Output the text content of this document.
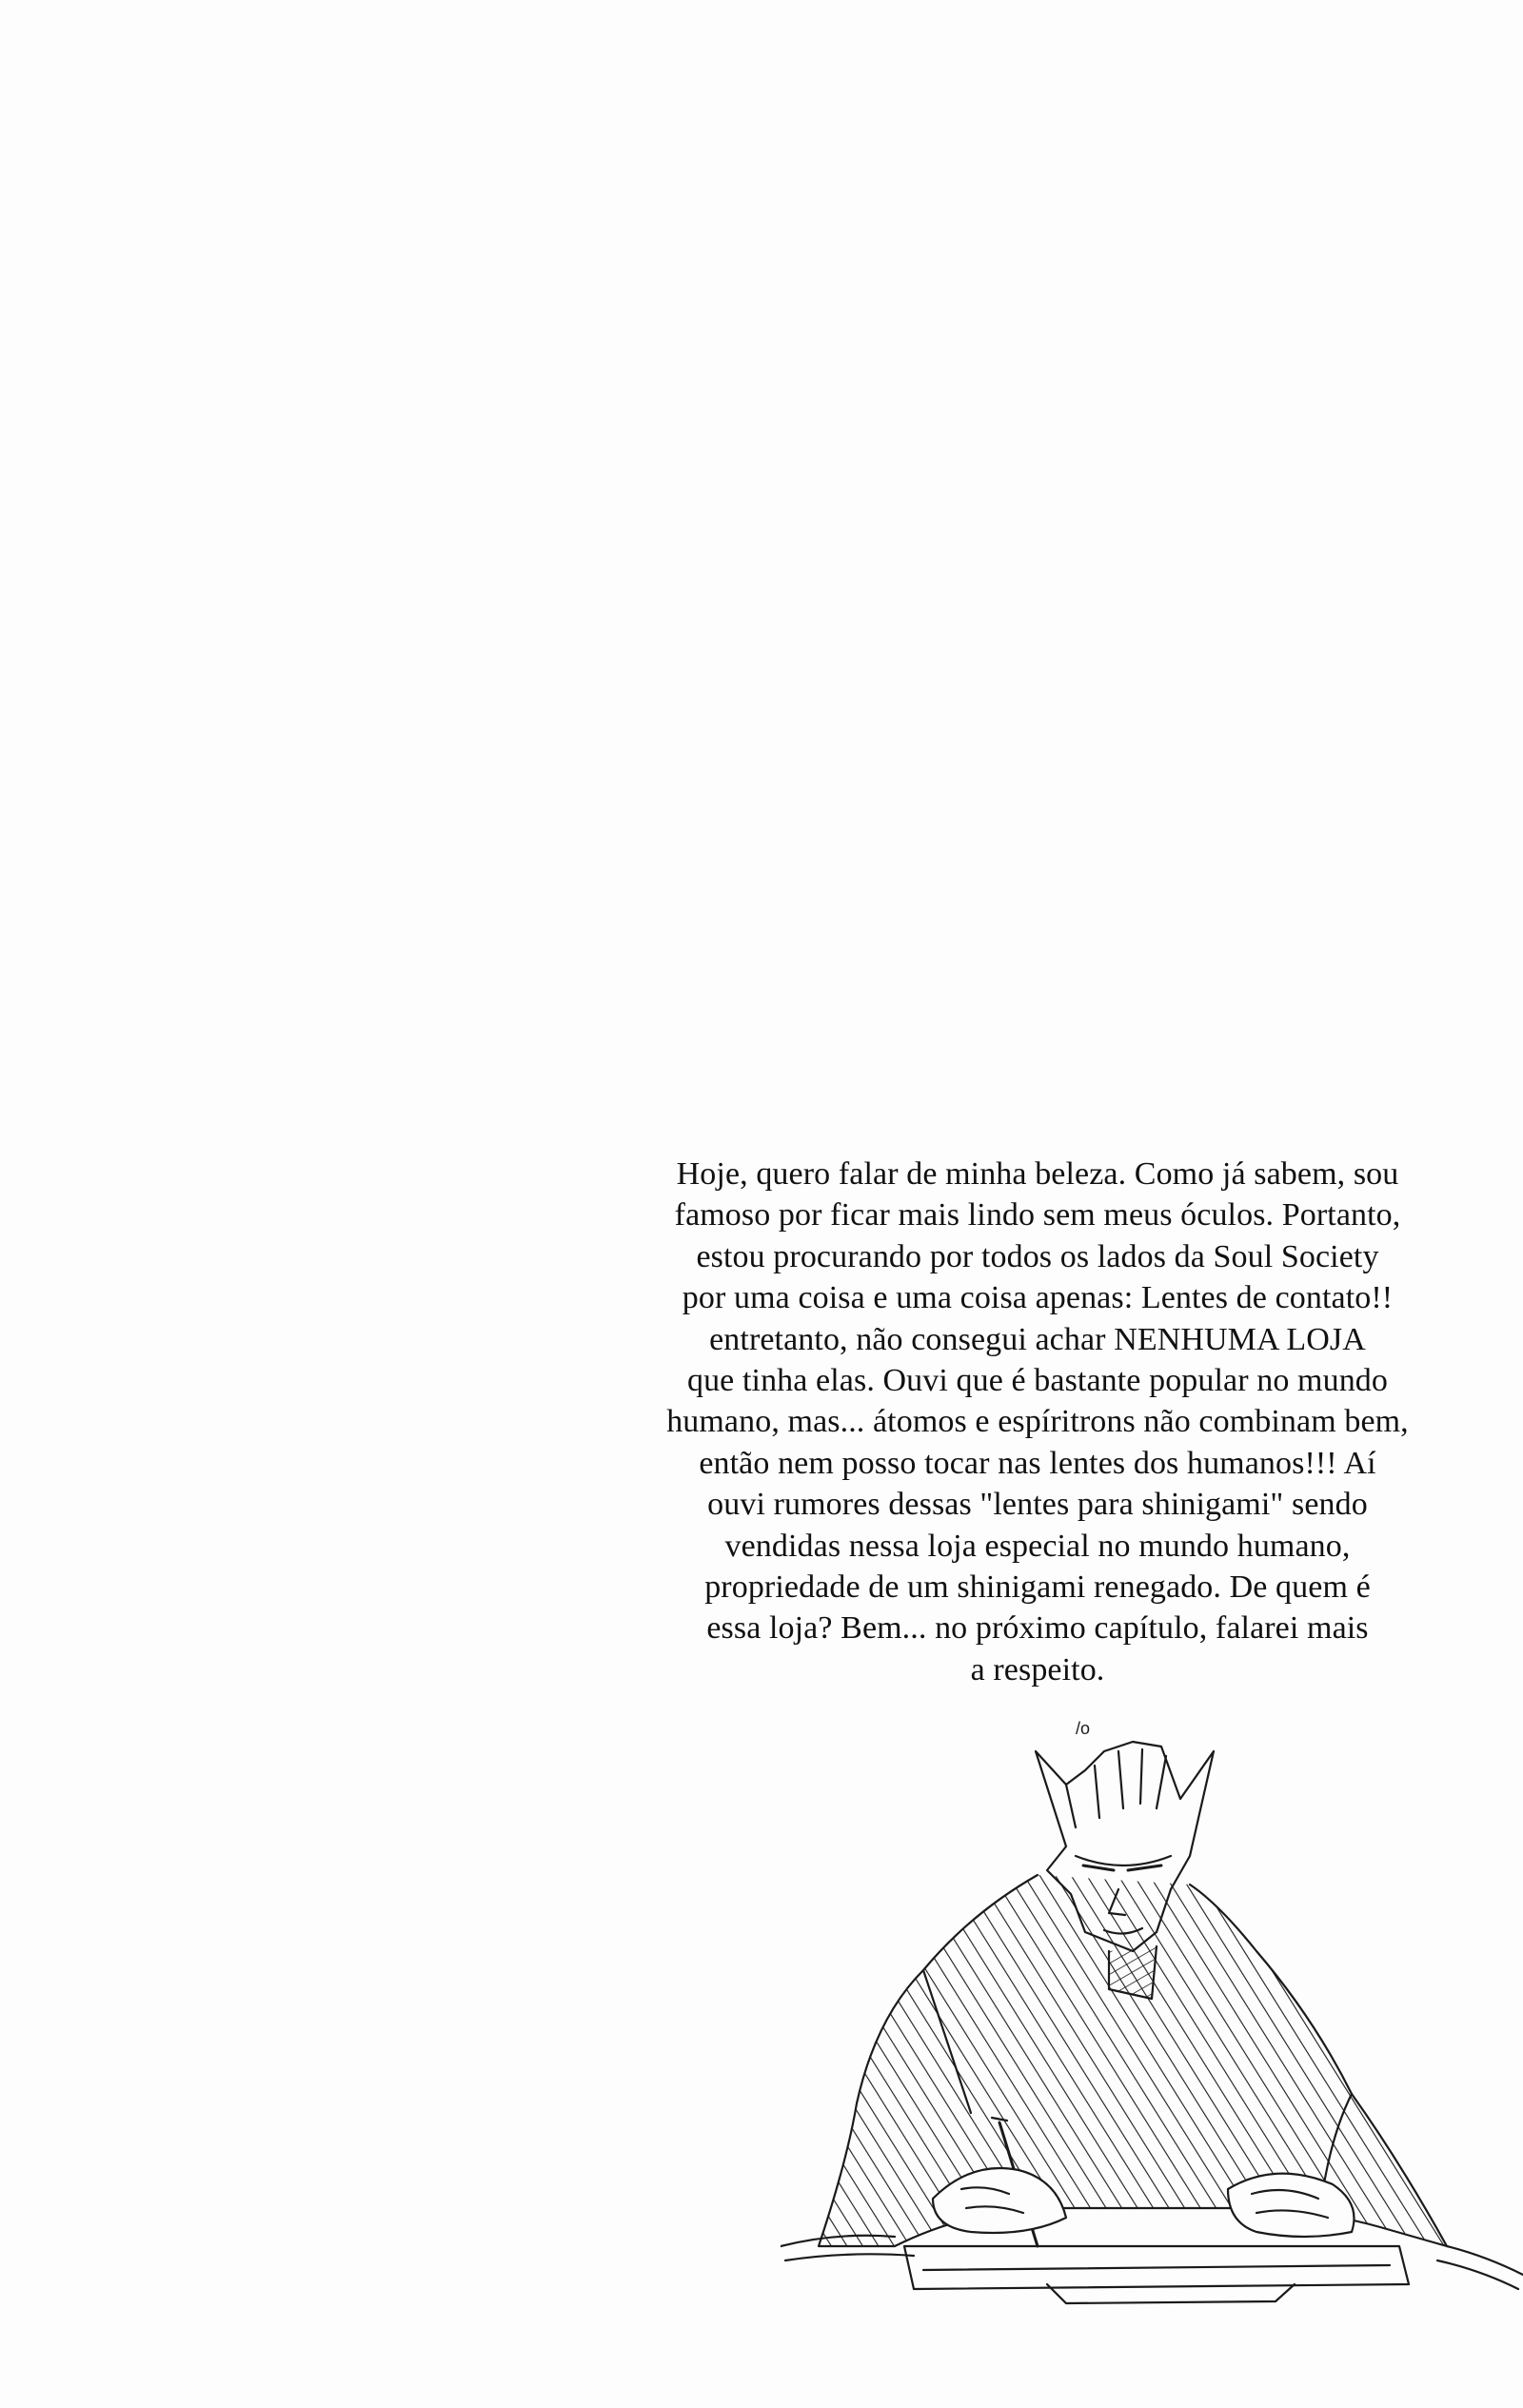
Hoje, quero falar de minha beleza. Como já sabem, sou
famoso por ficar mais lindo sem meus óculos. Portanto,
estou procurando por todos os lados da Soul Society
por uma coisa e uma coisa apenas: Lentes de contato!!
entretanto, não consegui achar NENHUMA LOJA
que tinha elas. Ouvi que é bastante popular no mundo
humano, mas... átomos e espíritrons não combinam bem,
então nem posso tocar nas lentes dos humanos!!! Aí
ouvi rumores dessas "lentes para shinigami" sendo
vendidas nessa loja especial no mundo humano,
propriedade de um shinigami renegado. De quem é
essa loja? Bem... no próximo capítulo, falarei mais
a respeito.
/o
